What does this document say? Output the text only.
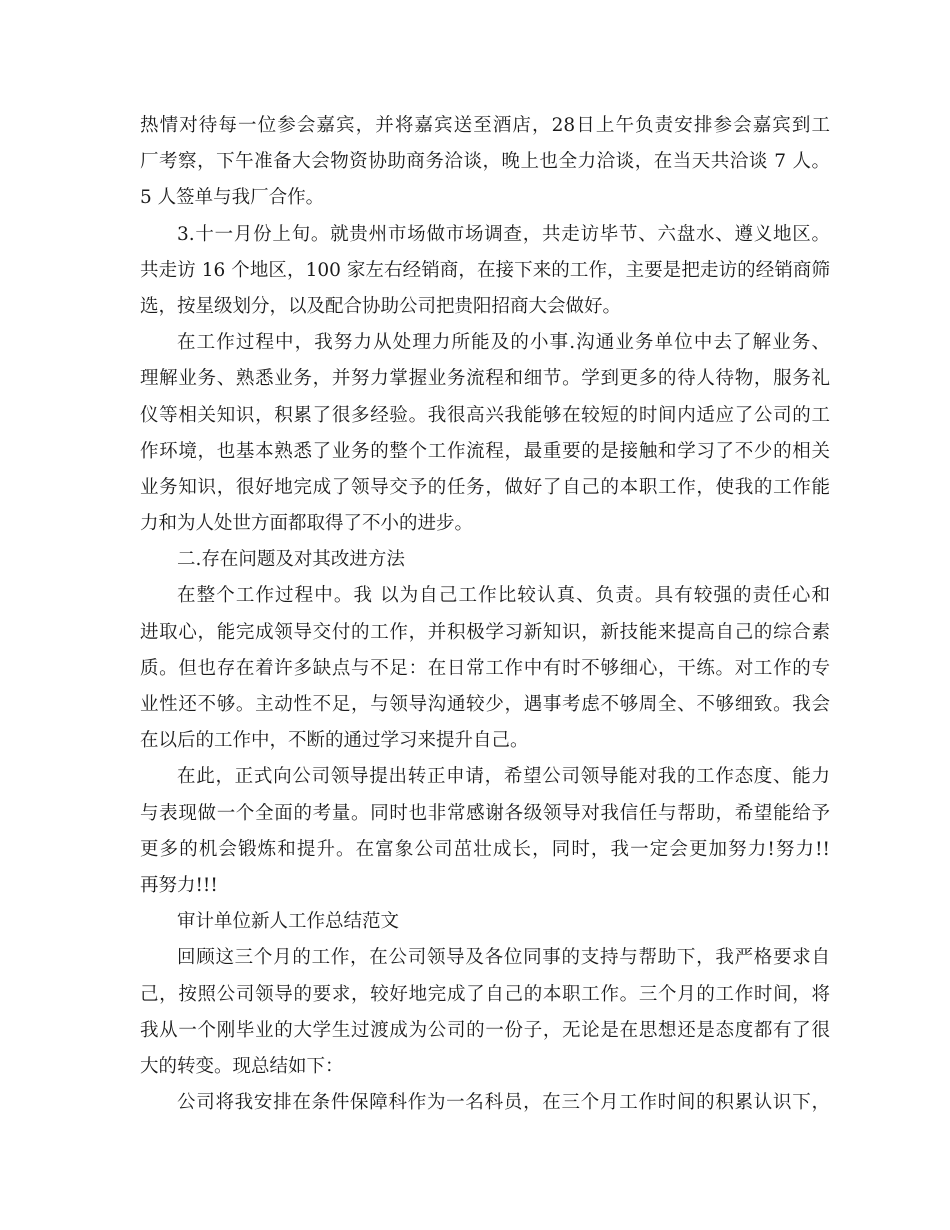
热情对待每一位参会嘉宾，并将嘉宾送至酒店，28日上午负责安排参会嘉宾到工
厂考察，下午准备大会物资协助商务洽谈，晚上也全力洽谈，在当天共洽谈 7 人。
5 人签单与我厂合作。
3.十一月份上旬。就贵州市场做市场调查，共走访毕节、六盘水、遵义地区。
共走访 16 个地区，100 家左右经销商，在接下来的工作，主要是把走访的经销商筛
选，按星级划分，以及配合协助公司把贵阳招商大会做好。
在工作过程中，我努力从处理力所能及的小事.沟通业务单位中去了解业务、
理解业务、熟悉业务，并努力掌握业务流程和细节。学到更多的待人待物，服务礼
仪等相关知识，积累了很多经验。我很高兴我能够在较短的时间内适应了公司的工
作环境，也基本熟悉了业务的整个工作流程，最重要的是接触和学习了不少的相关
业务知识，很好地完成了领导交予的任务，做好了自己的本职工作，使我的工作能
力和为人处世方面都取得了不小的进步。
二.存在问题及对其改进方法
在整个工作过程中。我 以为自己工作比较认真、负责。具有较强的责任心和
进取心，能完成领导交付的工作，并积极学习新知识，新技能来提高自己的综合素
质。但也存在着许多缺点与不足：在日常工作中有时不够细心，干练。对工作的专
业性还不够。主动性不足，与领导沟通较少，遇事考虑不够周全、不够细致。我会
在以后的工作中，不断的通过学习来提升自己。
在此，正式向公司领导提出转正申请，希望公司领导能对我的工作态度、能力
与表现做一个全面的考量。同时也非常感谢各级领导对我信任与帮助，希望能给予
更多的机会锻炼和提升。在富象公司茁壮成长，同时，我一定会更加努力!努力!!
再努力!!!
审计单位新人工作总结范文
回顾这三个月的工作，在公司领导及各位同事的支持与帮助下，我严格要求自
己，按照公司领导的要求，较好地完成了自己的本职工作。三个月的工作时间，将
我从一个刚毕业的大学生过渡成为公司的一份子，无论是在思想还是态度都有了很
大的转变。现总结如下：
公司将我安排在条件保障科作为一名科员，在三个月工作时间的积累认识下，
